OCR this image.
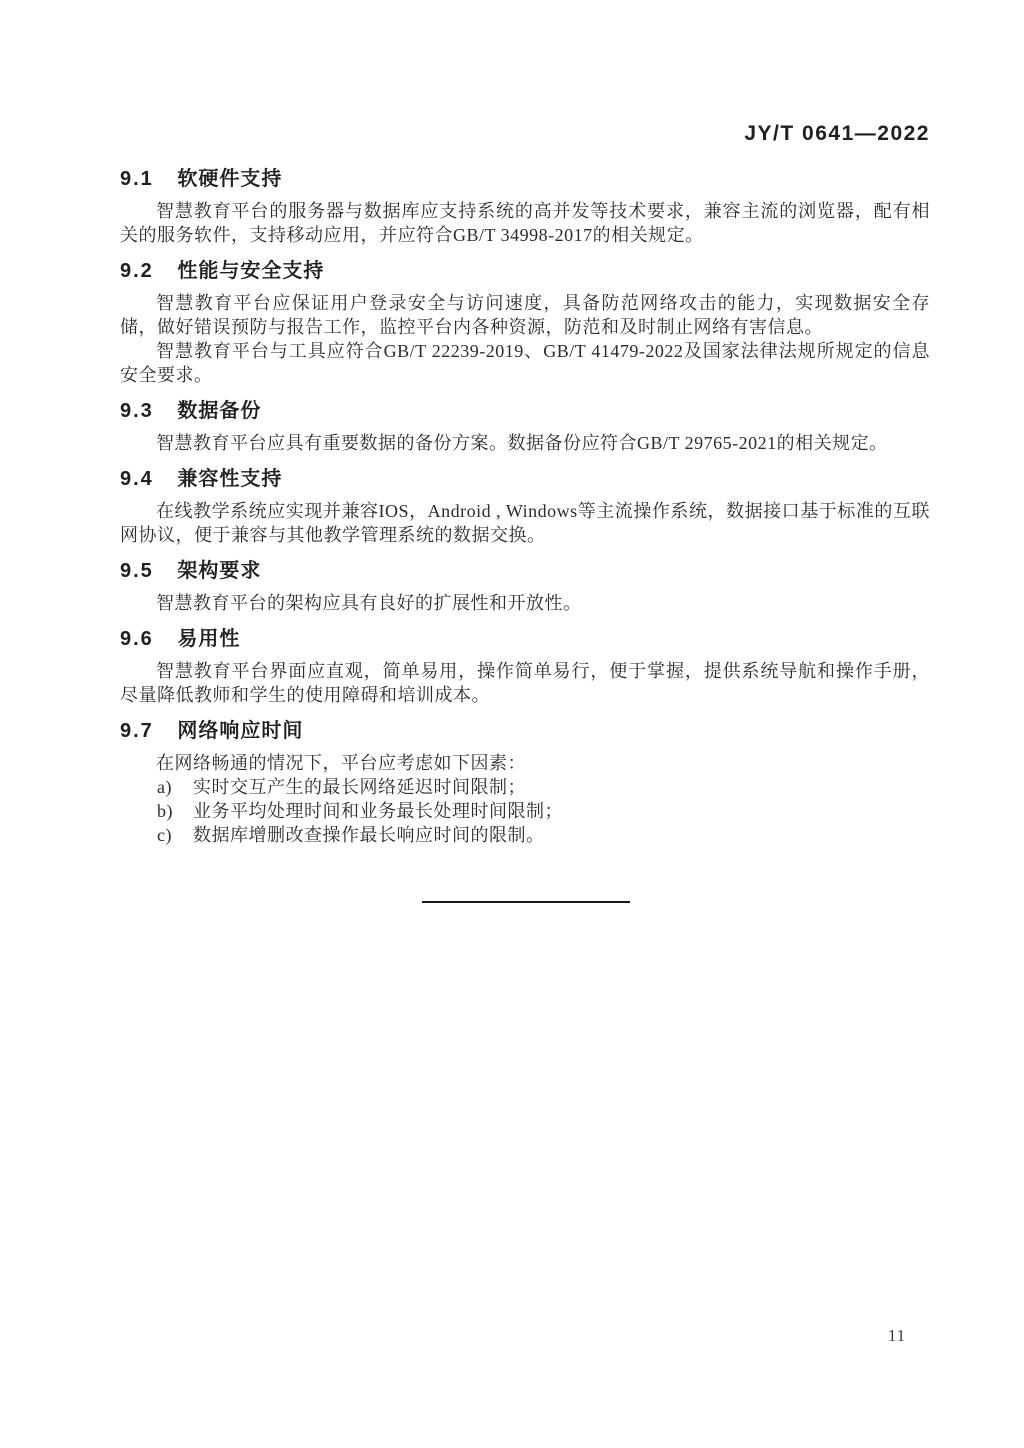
JY/T 0641—2022
9.1 软硬件支持

智慧教育平台的服务器与数据库应支持系统的高并发等技术要求，兼容主流的浏览器，配有相关的服务软件，支持移动应用，并应符合GB/T 34998-2017的相关规定。

9.2 性能与安全支持

智慧教育平台应保证用户登录安全与访问速度，具备防范网络攻击的能力，实现数据安全存储，做好错误预防与报告工作，监控平台内各种资源，防范和及时制止网络有害信息。

智慧教育平台与工具应符合GB/T 22239-2019、GB/T 41479-2022及国家法律法规所规定的信息安全要求。

9.3 数据备份

智慧教育平台应具有重要数据的备份方案。数据备份应符合GB/T 29765-2021的相关规定。

9.4 兼容性支持

在线教学系统应实现并兼容IOS，Android , Windows等主流操作系统，数据接口基于标准的互联网协议，便于兼容与其他教学管理系统的数据交换。

9.5 架构要求

智慧教育平台的架构应具有良好的扩展性和开放性。

9.6 易用性

智慧教育平台界面应直观，简单易用，操作简单易行，便于掌握，提供系统导航和操作手册，尽量降低教师和学生的使用障碍和培训成本。

9.7 网络响应时间

在网络畅通的情况下，平台应考虑如下因素：

a)	实时交互产生的最长网络延迟时间限制；
b)	业务平均处理时间和业务最长处理时间限制；
c)	数据库增删改查操作最长响应时间的限制。
11
